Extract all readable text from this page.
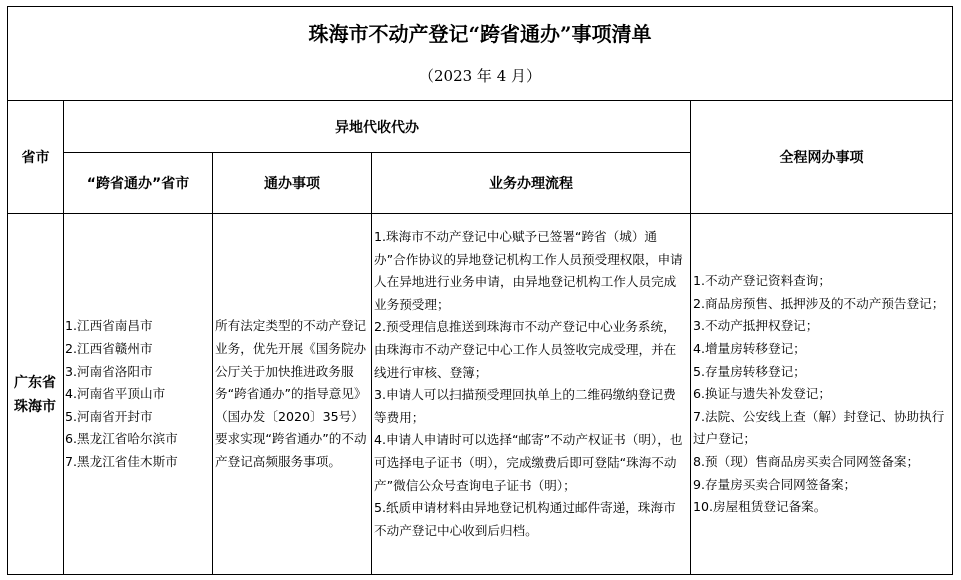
珠海市不动产登记“跨省通办”事项清单
（2023 年 4 月）
省市
异地代收代办
“跨省通办”省市	通办事项	业务办理流程
全程网办事项
广东省珠海市
1.江西省南昌市
2.江西省赣州市
3.河南省洛阳市
4.河南省平顶山市
5.河南省开封市
6.黑龙江省哈尔滨市
7.黑龙江省佳木斯市
所有法定类型的不动产登记业务，优先开展《国务院办公厅关于加快推进政务服务“跨省通办”的指导意见》（国办发〔2020〕35号）要求实现“跨省通办”的不动产登记高频服务事项。
1.珠海市不动产登记中心赋予已签署“跨省（城）通办”合作协议的异地登记机构工作人员预受理权限，申请人在异地进行业务申请，由异地登记机构工作人员完成业务预受理；
2.预受理信息推送到珠海市不动产登记中心业务系统，由珠海市不动产登记中心工作人员签收完成受理，并在线进行审核、登簿；
3.申请人可以扫描预受理回执单上的二维码缴纳登记费等费用；
4.申请人申请时可以选择“邮寄”不动产权证书（明），也可选择电子证书（明），完成缴费后即可登陆“珠海不动产”微信公众号查询电子证书（明）；
5.纸质申请材料由异地登记机构通过邮件寄递，珠海市不动产登记中心收到后归档。
1.不动产登记资料查询；
2.商品房预售、抵押涉及的不动产预告登记；
3.不动产抵押权登记；
4.增量房转移登记；
5.存量房转移登记；
6.换证与遗失补发登记；
7.法院、公安线上查（解）封登记、协助执行过户登记；
8.预（现）售商品房买卖合同网签备案；
9.存量房买卖合同网签备案；
10.房屋租赁登记备案。
